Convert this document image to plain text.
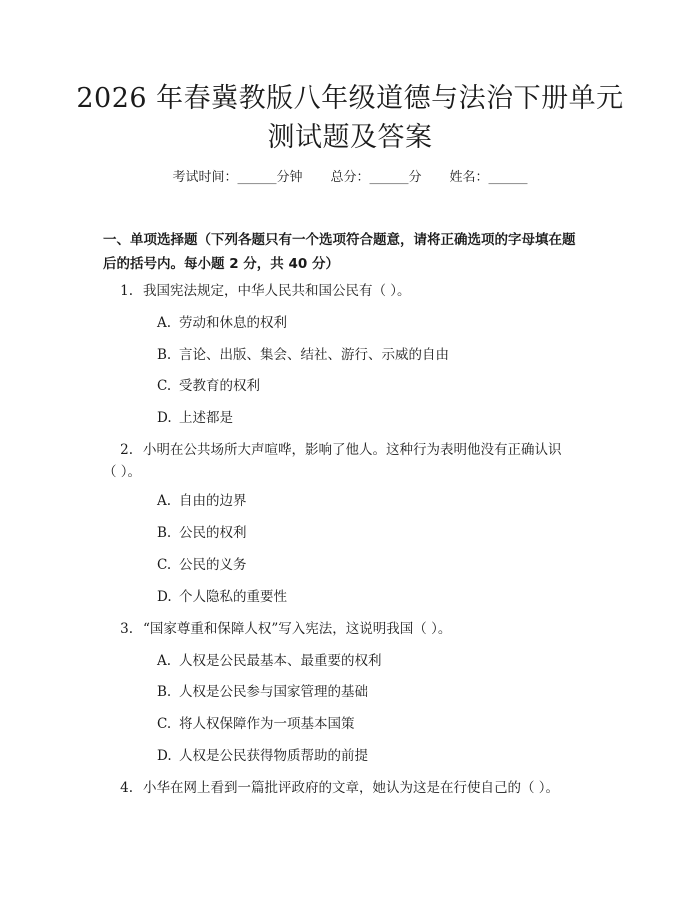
2026 年春冀教版八年级道德与法治下册单元
测试题及答案
考试时间：______分钟 总分：______分 姓名：______
一、单项选择题（下列各题只有一个选项符合题意，请将正确选项的字母填在题
后的括号内。每小题 2 分，共 40 分）
1. 我国宪法规定，中华人民共和国公民有（ ）。
A. 劳动和休息的权利
B. 言论、出版、集会、结社、游行、示威的自由
C. 受教育的权利
D. 上述都是
2. 小明在公共场所大声喧哗，影响了他人。这种行为表明他没有正确认识
（ ）。
A. 自由的边界
B. 公民的权利
C. 公民的义务
D. 个人隐私的重要性
3. “国家尊重和保障人权”写入宪法，这说明我国（ ）。
A. 人权是公民最基本、最重要的权利
B. 人权是公民参与国家管理的基础
C. 将人权保障作为一项基本国策
D. 人权是公民获得物质帮助的前提
4. 小华在网上看到一篇批评政府的文章，她认为这是在行使自己的（ ）。
